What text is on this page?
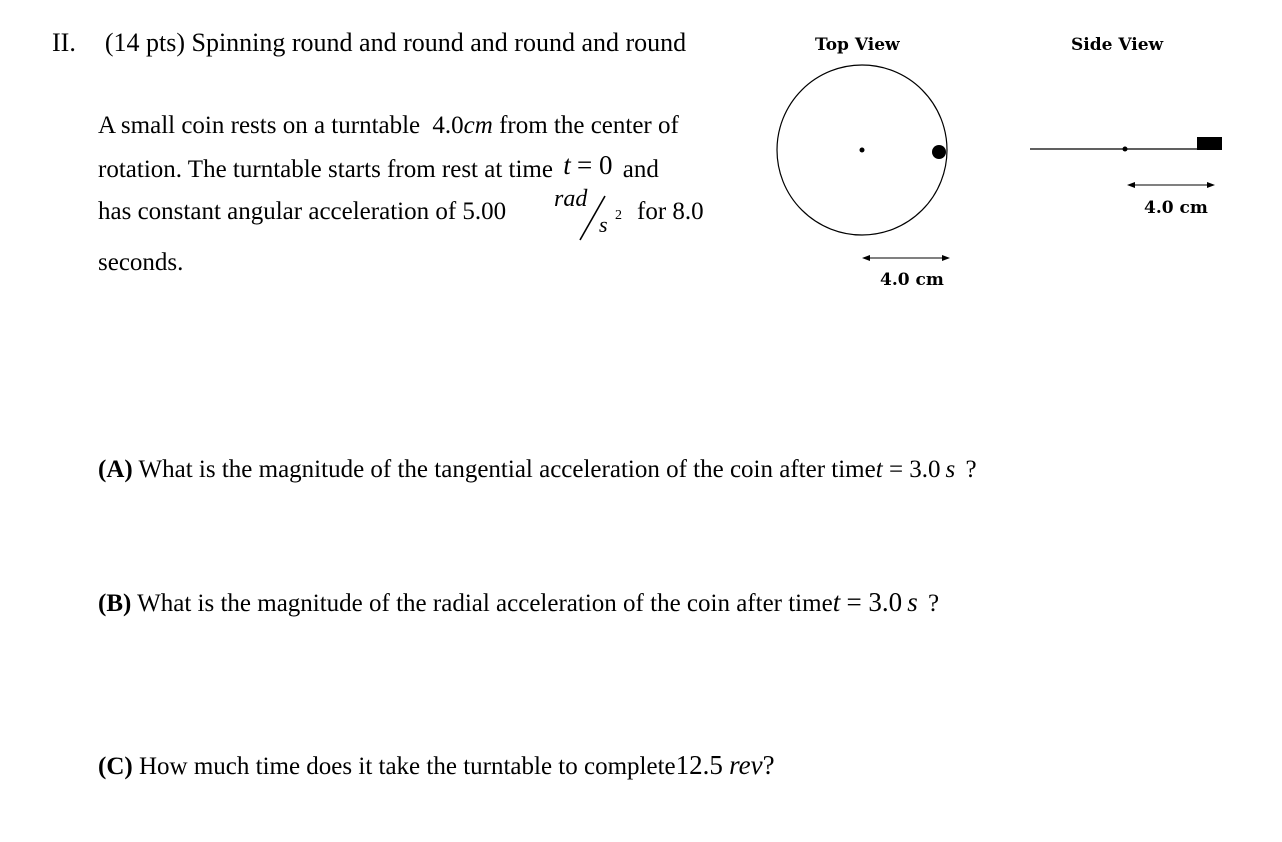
II. (14 pts) Spinning round and round and round and round
A small coin rests on a turntable 4.0cm from the center of
rotation. The turntable starts from rest at time t = 0 and
has constant angular acceleration of 5.00 rad
s 2 for 8.0
seconds.
Top View
4.0 cm
Side View
4.0 cm
(A) What is the magnitude of the tangential acceleration of the coin after timet = 3.0 s ?
(B) What is the magnitude of the radial acceleration of the coin after timet = 3.0 s ?
(C) How much time does it take the turntable to complete12.5 rev?
